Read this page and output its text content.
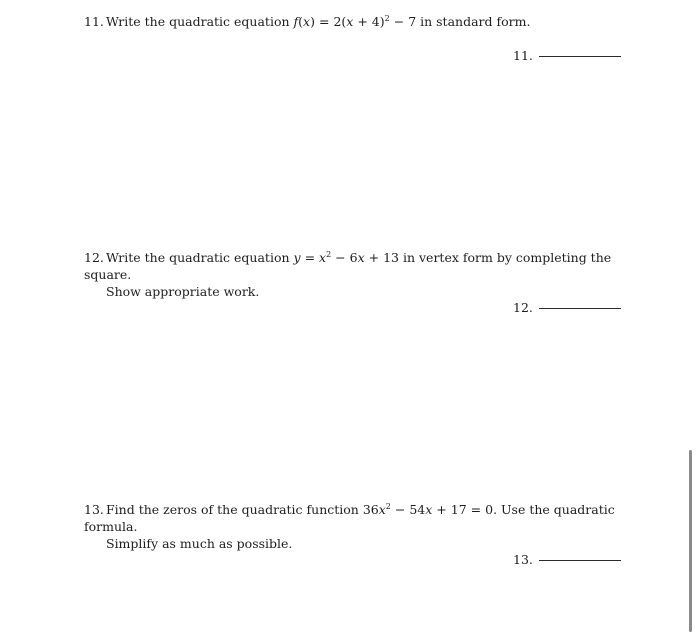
11. Write the quadratic equation $f(x) = 2(x + 4)^2 - 7$ in standard form.
11.
12. Write the quadratic equation $y = x^2 - 6x + 13$ in vertex form by completing the square.
Show appropriate work.
12.
13. Find the zeros of the quadratic function $36x^2 - 54x + 17 = 0$. Use the quadratic formula.
Simplify as much as possible.
13.
